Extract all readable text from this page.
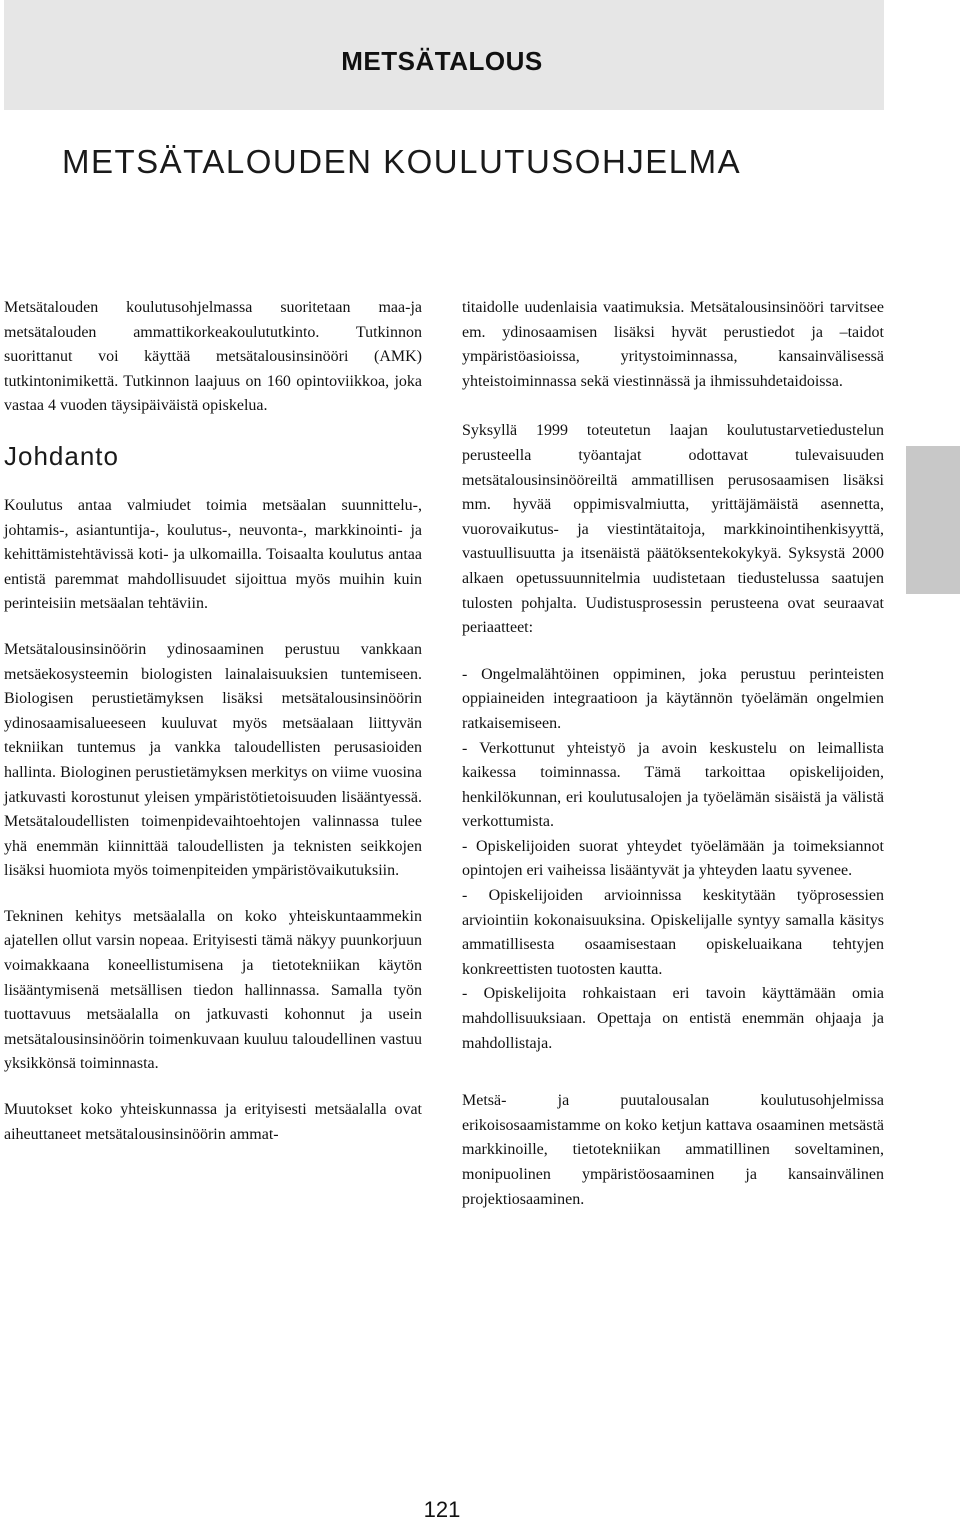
METSÄTALOUS
METSÄTALOUDEN KOULUTUSOHJELMA

Metsätalouden koulutusohjelmassa suoritetaan maa-ja metsätalouden ammattikorkeakoulututkinto. Tutkinnon suorittanut voi käyttää metsätalousinsinööri (AMK) tutkintonimikettä. Tutkinnon laajuus on 160 opintoviikkoa, joka vastaa 4 vuoden täysipäiväistä opiskelua.

Johdanto

Koulutus antaa valmiudet toimia metsäalan suunnittelu-, johtamis-, asiantuntija-, koulutus-, neuvonta-, markkinointi- ja kehittämistehtävissä koti- ja ulkomailla. Toisaalta koulutus antaa entistä paremmat mahdollisuudet sijoittua myös muihin kuin perinteisiin metsäalan tehtäviin.

Metsätalousinsinöörin ydinosaaminen perustuu vankkaan metsäekosysteemin biologisten lainalaisuuksien tuntemiseen. Biologisen perustietämyksen lisäksi metsätalousinsinöörin ydinosaamisalueeseen kuuluvat myös metsäalaan liittyvän tekniikan tuntemus ja vankka taloudellisten perusasioiden hallinta. Biologinen perustietämyksen merkitys on viime vuosina jatkuvasti korostunut yleisen ympäristötietoisuuden lisääntyessä. Metsätaloudellisten toimenpidevaihtoehtojen valinnassa tulee yhä enemmän kiinnittää taloudellisten ja teknisten seikkojen lisäksi huomiota myös toimenpiteiden ympäristövaikutuksiin.

Tekninen kehitys metsäalalla on koko yhteiskuntaammekin ajatellen ollut varsin nopeaa. Erityisesti tämä näkyy puunkorjuun voimakkaana koneellistumisena ja tietotekniikan käytön lisääntymisenä metsällisen tiedon hallinnassa. Samalla työn tuottavuus metsäalalla on jatkuvasti kohonnut ja usein metsätalousinsinöörin toimenkuvaan kuuluu taloudellinen vastuu yksikkönsä toiminnasta.

Muutokset koko yhteiskunnassa ja erityisesti metsäalalla ovat aiheuttaneet metsätalousinsinöörin ammat-

titaidolle uudenlaisia vaatimuksia. Metsätalousinsinööri tarvitsee em. ydinosaamisen lisäksi hyvät perustiedot ja –taidot ympäristöasioissa, yritystoiminnassa, kansainvälisessä yhteistoiminnassa sekä viestinnässä ja ihmissuhdetaidoissa.

Syksyllä 1999 toteutetun laajan koulutustarvetiedustelun perusteella työantajat odottavat tulevaisuuden metsätalousinsinööreiltä ammatillisen perusosaamisen lisäksi mm. hyvää oppimisvalmiutta, yrittäjämäistä asennetta, vuorovaikutus- ja viestintätaitoja, markkinointihenkisyyttä, vastuullisuutta ja itsenäistä päätöksentekokykyä. Syksystä 2000 alkaen opetussuunnitelmia uudistetaan tiedustelussa saatujen tulosten pohjalta. Uudistusprosessin perusteena ovat seuraavat periaatteet:

- Ongelmalähtöinen oppiminen, joka perustuu perinteisten oppiaineiden integraatioon ja käytännön työelämän ongelmien ratkaisemiseen.
- Verkottunut yhteistyö ja avoin keskustelu on leimallista kaikessa toiminnassa. Tämä tarkoittaa opiskelijoiden, henkilökunnan, eri koulutusalojen ja työelämän sisäistä ja välistä verkottumista.
- Opiskelijoiden suorat yhteydet työelämään ja toimeksiannot opintojen eri vaiheissa lisääntyvät ja yhteyden laatu syvenee.
- Opiskelijoiden arvioinnissa keskitytään työprosessien arviointiin kokonaisuuksina. Opiskelijalle syntyy samalla käsitys ammatillisesta osaamisestaan opiskeluaikana tehtyjen konkreettisten tuotosten kautta.
- Opiskelijoita rohkaistaan eri tavoin käyttämään omia mahdollisuuksiaan. Opettaja on entistä enemmän ohjaaja ja mahdollistaja.

Metsä- ja puutalousalan koulutusohjelmissa erikoisosaamistamme on koko ketjun kattava osaaminen metsästä markkinoille, tietotekniikan ammatillinen soveltaminen, monipuolinen ympäristöosaaminen ja kansainvälinen projektiosaaminen.

121
